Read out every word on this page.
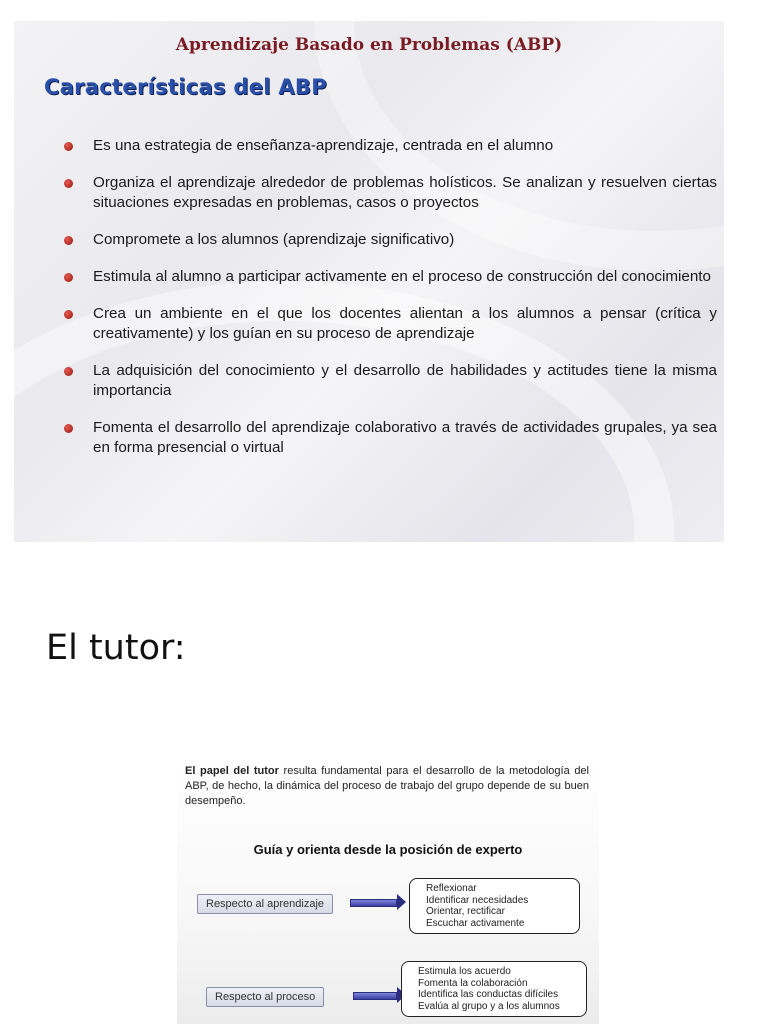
Aprendizaje Basado en Problemas (ABP)
Características del ABP
Es una estrategia de enseñanza-aprendizaje, centrada en el alumno
Organiza el aprendizaje alrededor de problemas holísticos. Se analizan y resuelven ciertas situaciones expresadas en problemas, casos o proyectos
Compromete a los alumnos (aprendizaje significativo)
Estimula al alumno a participar activamente en el proceso de construcción del conocimiento
Crea un ambiente en el que los docentes alientan a los alumnos a pensar (crítica y creativamente) y los guían en su proceso de aprendizaje
La adquisición del conocimiento y el desarrollo de habilidades y actitudes tiene la misma importancia
Fomenta el desarrollo del aprendizaje colaborativo a través de actividades grupales, ya sea en forma presencial o virtual
El tutor:
El papel del tutor resulta fundamental para el desarrollo de la metodología del ABP, de hecho, la dinámica del proceso de trabajo del grupo depende de su buen desempeño.
Guía y orienta desde la posición de experto
Respecto al aprendizaje
Reflexionar
Identificar necesidades
Orientar, rectificar
Escuchar activamente
Respecto al proceso
Estimula los acuerdo
Fomenta la colaboración
Identifica las conductas difíciles
Evalúa al grupo y a los alumnos
